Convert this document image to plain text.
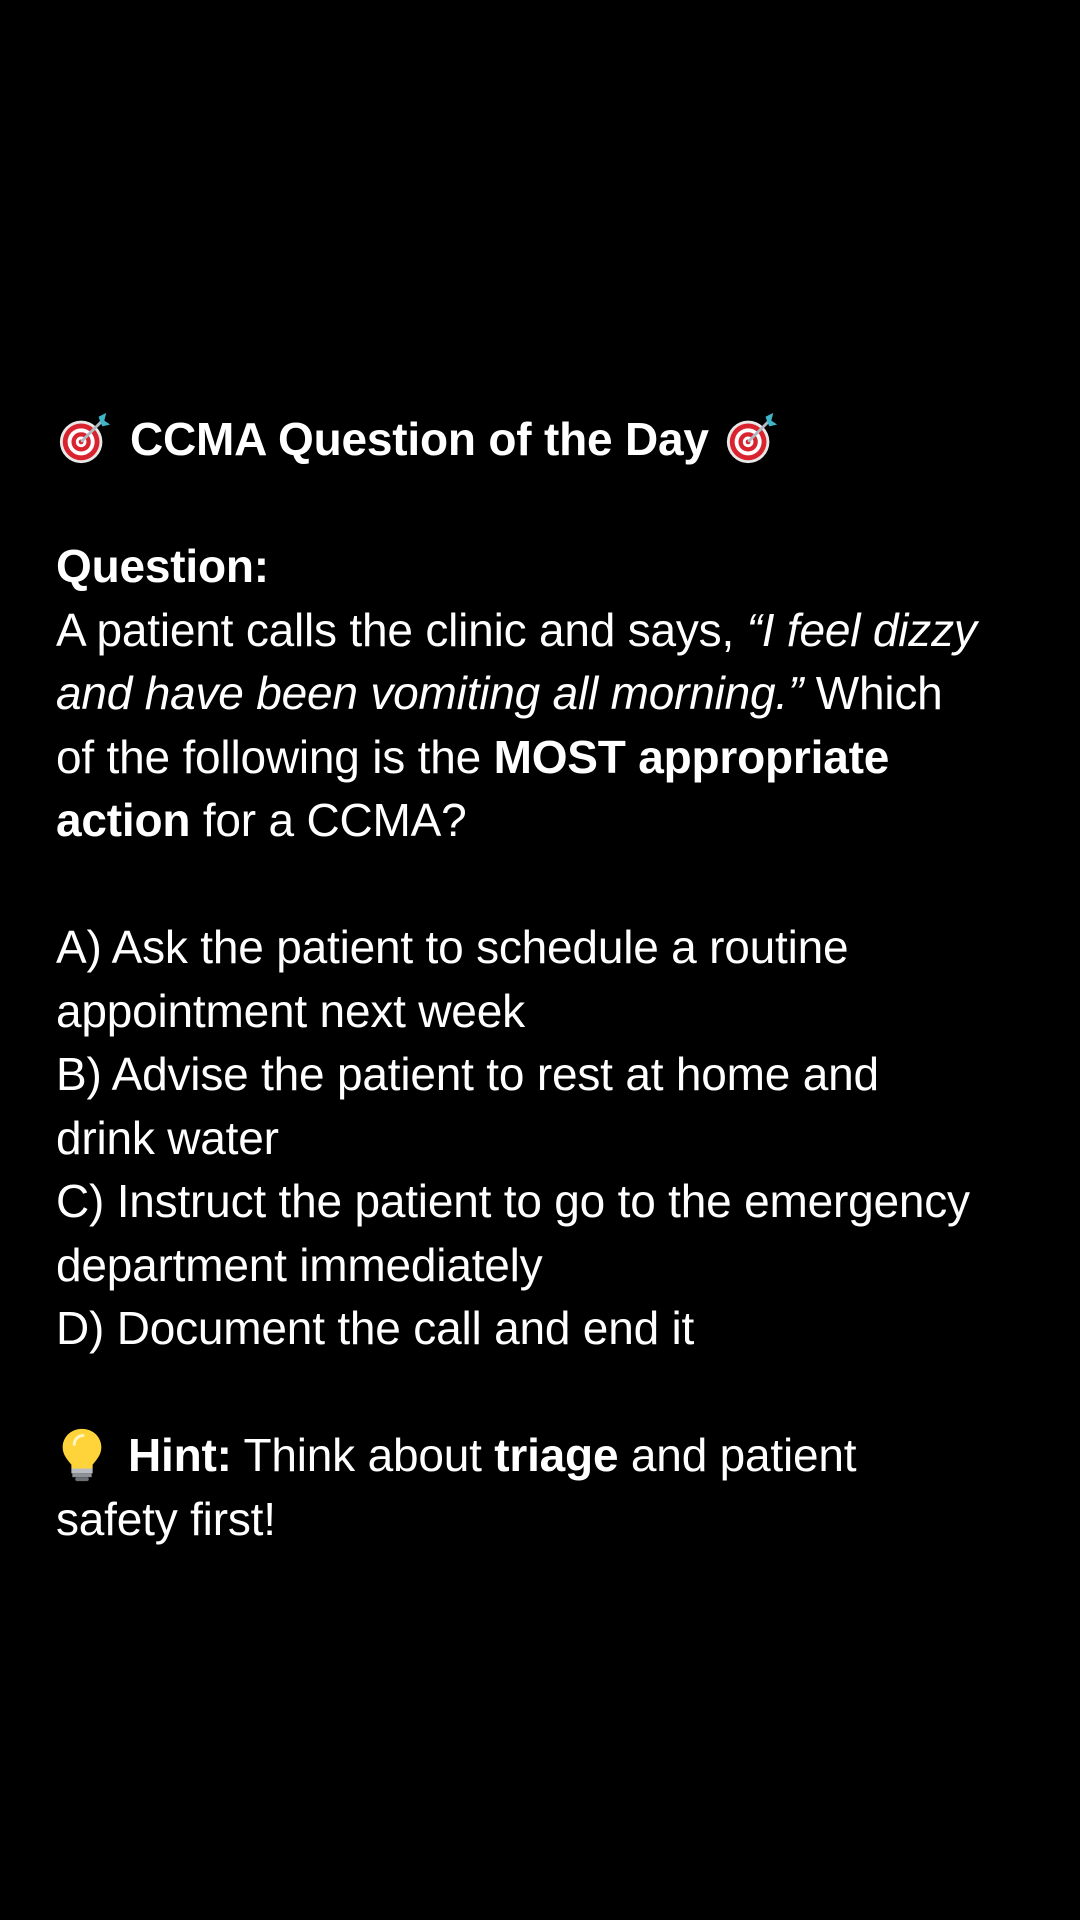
CCMA Question of the Day
Question:
A patient calls the clinic and says, “I feel dizzy
and have been vomiting all morning.” Which
of the following is the MOST appropriate
action for a CCMA?
A) Ask the patient to schedule a routine
appointment next week
B) Advise the patient to rest at home and
drink water
C) Instruct the patient to go to the emergency
department immediately
D) Document the call and end it
Hint: Think about triage and patient
safety first!
